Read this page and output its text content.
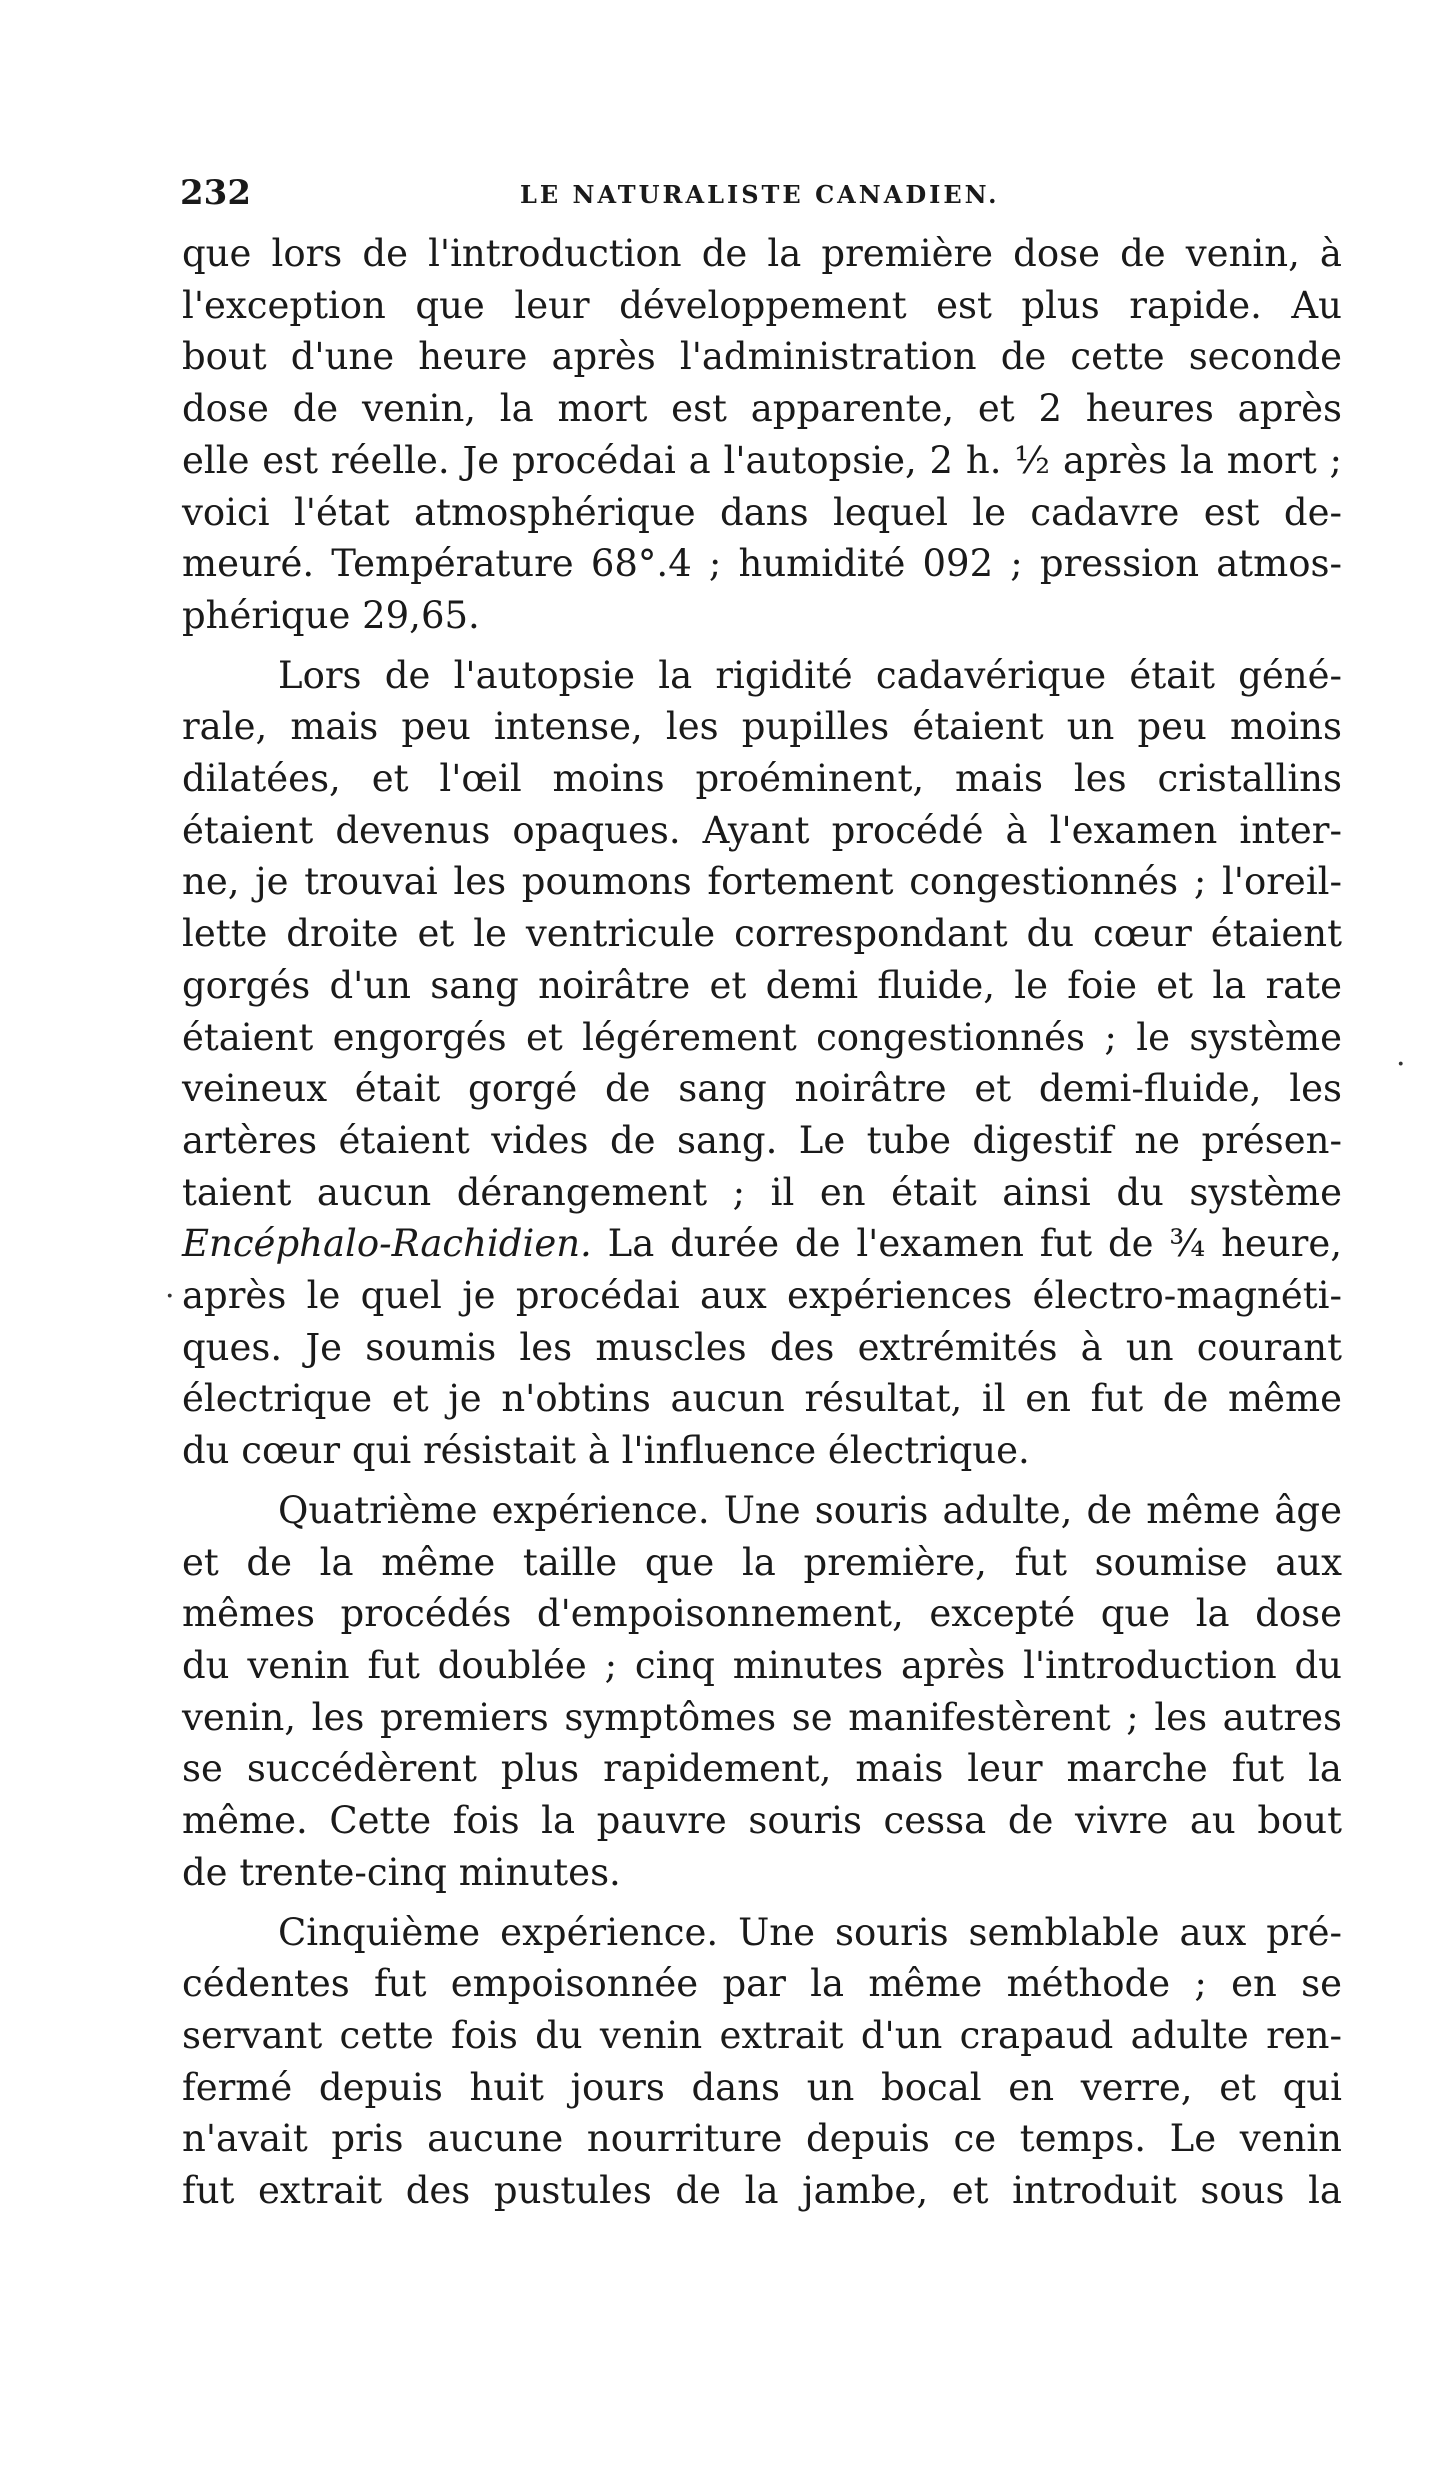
232	LE NATURALISTE CANADIEN.

que lors de l'introduction de la première dose de venin, à
l'exception que leur développement est plus rapide. Au
bout d'une heure après l'administration de cette seconde
dose de venin, la mort est apparente, et 2 heures après
elle est réelle. Je procédai a l'autopsie, 2 h. ½ après la mort ;
voici l'état atmosphérique dans lequel le cadavre est de-
meuré. Température 68°.4 ; humidité 092 ; pression atmos-
phérique 29,65.

Lors de l'autopsie la rigidité cadavérique était géné-
rale, mais peu intense, les pupilles étaient un peu moins
dilatées, et l'œil moins proéminent, mais les cristallins
étaient devenus opaques. Ayant procédé à l'examen inter-
ne, je trouvai les poumons fortement congestionnés ; l'oreil-
lette droite et le ventricule correspondant du cœur étaient
gorgés d'un sang noirâtre et demi fluide, le foie et la rate
étaient engorgés et légérement congestionnés ; le système
veineux était gorgé de sang noirâtre et demi-fluide, les
artères étaient vides de sang. Le tube digestif ne présen-
taient aucun dérangement ; il en était ainsi du système
Encéphalo-Rachidien. La durée de l'examen fut de ¾ heure,
après le quel je procédai aux expériences électro-magnéti-
ques. Je soumis les muscles des extrémités à un courant
électrique et je n'obtins aucun résultat, il en fut de même
du cœur qui résistait à l'influence électrique.

Quatrième expérience. Une souris adulte, de même âge
et de la même taille que la première, fut soumise aux
mêmes procédés d'empoisonnement, excepté que la dose
du venin fut doublée ; cinq minutes après l'introduction du
venin, les premiers symptômes se manifestèrent ; les autres
se succédèrent plus rapidement, mais leur marche fut la
même. Cette fois la pauvre souris cessa de vivre au bout
de trente-cinq minutes.

Cinquième expérience. Une souris semblable aux pré-
cédentes fut empoisonnée par la même méthode ; en se
servant cette fois du venin extrait d'un crapaud adulte ren-
fermé depuis huit jours dans un bocal en verre, et qui
n'avait pris aucune nourriture depuis ce temps. Le venin
fut extrait des pustules de la jambe, et introduit sous la

·
·
